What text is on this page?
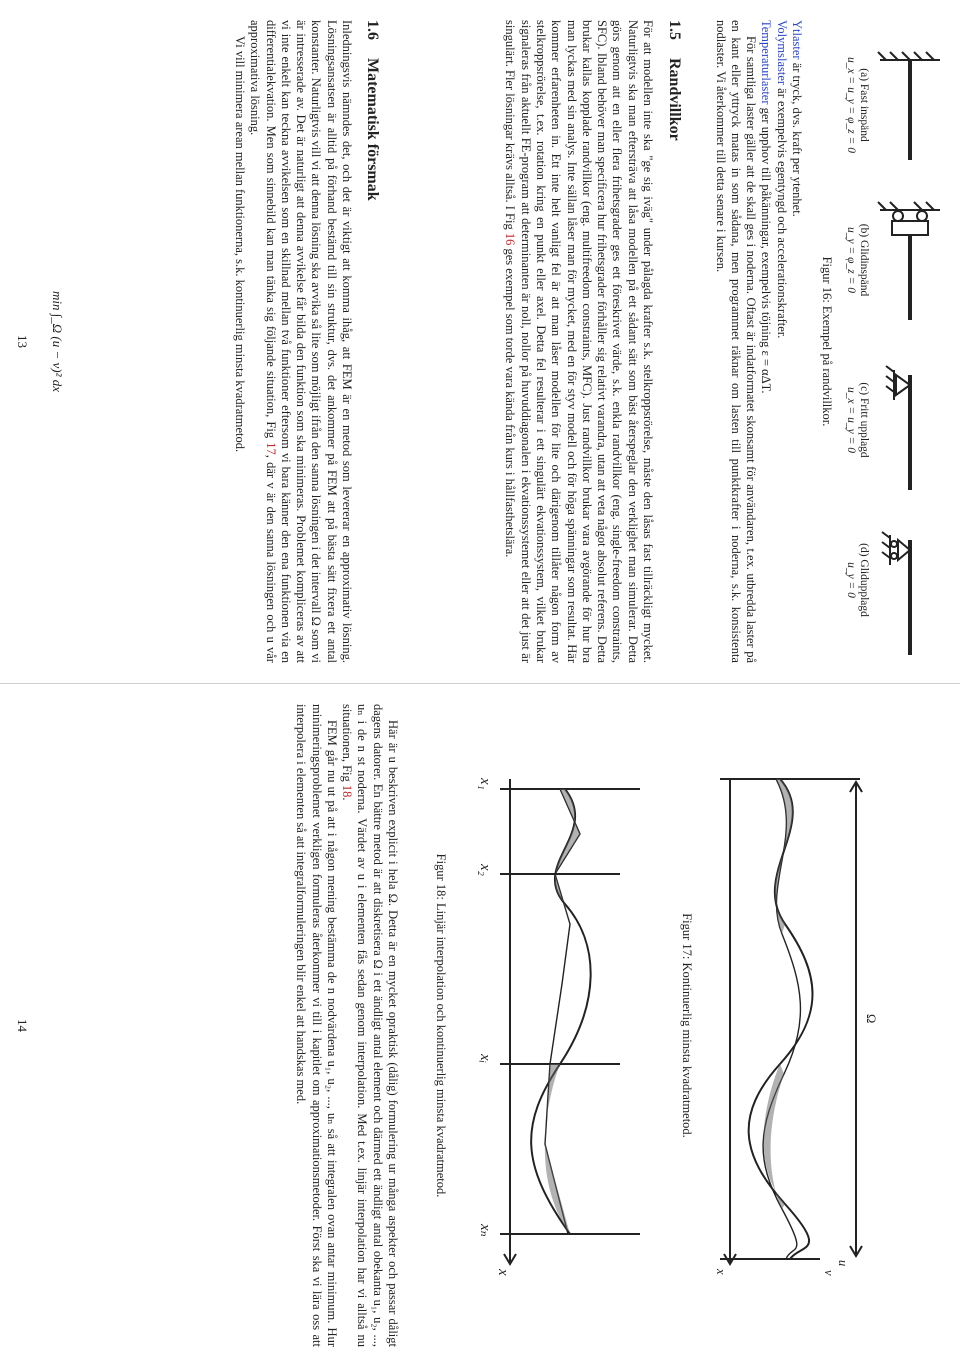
(a) Fast inspänd
u_x = u_y = φ_z = 0
(b) Glidinspänd
u_y = φ_z = 0
(c) Fritt upplagd
u_x = u_y = 0
(d) Glidupplagd
u_y = 0
Figur 16: Exempel på randvillkor.

Ytlaster är tryck, dvs. kraft per ytenhet.

Volymslaster är exempelvis egentyngd och accelerationskrafter.

Temperaturlaster ger upphov till påkänningar, exempelvis töjning ε = αΔT.

För samtliga laster gäller att de skall ges i noderna. Oftast är indatformatet skonsamt för användaren, t.ex. utbredda laster på en kant eller yttryck matas in som sådana, men programmet räknar om lasten till punktkrafter i noderna, s.k. konsistenta nodlaster. Vi återkommer till detta senare i kursen.

1.5Randvillkor

För att modellen inte ska "ge sig iväg" under pålagda krafter s.k. stelkroppsrörelse, måste den låsas fast tillräckligt mycket. Naturligtvis ska man eftersträva att låsa modellen på ett sådant sätt som bäst återspeglar den verklighet man simulerar. Detta görs genom att en eller flera frihetsgrader ges ett föreskrivet värde, s.k. enkla randvillkor (eng. single-freedom constraints, SFC). Ibland behöver man specificera hur frihetsgrader förhåller sig relativt varandra, utan att veta något absolut referens. Detta brukar kallas kopplade randvillkor (eng. multifreedom constraints, MFC). Just randvillkor brukar vara avgörande för hur bra man lyckas med sin analys. Inte sällan låser man för mycket, med en för styv modell och för höga spänningar som resultat. Här kommer erfarenheten in. Ett inte helt vanligt fel är att man låser modellen för lite och därigenom tillåter någon form av stelkroppsrörelse, t.ex. rotation kring en punkt eller axel. Detta fel resulterar i ett singulärt ekvationssystem, vilket brukar signaleras från aktuellt FE-program att determinanten är noll, nollor på huvuddiagonalen i ekvationssystemet eller att det just är singulärt. Fler lösningar krävs alltså. I Fig 16 ges exempel som torde vara kända från kurs i hållfasthetslära.

1.6Matematisk försmak

Inledningsvis nämndes det, och det är viktigt att komma ihåg, att FEM är en metod som levererar en approximativ lösning. Lösningsansatsen är alltid på förhand bestämd till sin struktur, dvs. det ankommer på FEM att på bästa sätt fixera ett antal konstanter. Naturligtvis vill vi att denna lösning ska avvika så lite som möjligt ifrån den sanna lösningen i det intervall Ω som vi är intresserade av. Det är naturligt att denna avvikelse får bilda den funktion som ska minimeras. Problemet kompliceras av att vi inte enkelt kan teckna avvikelsen som en skillnad mellan två funktioner eftersom vi bara känner den ena funktionen via en differentialekvation. Men som sinnebild kan man tänka sig följande situation, Fig 17, där v är den sanna lösningen och u vår approximativa lösning.

Vi vill minimera arean mellan funktionerna, s.k. kontinuerlig minsta kvadratmetod.

min ∫_Ω (u − v)² dx
13
u
v
Ω
x
Figur 17: Kontinuerlig minsta kvadratmetod.
x₁
x₂
xᵢ
xₙ
x
Figur 18: Linjär interpolation och kontinuerlig minsta kvadratmetod.

Här är u beskriven explicit i hela Ω. Detta är en mycket opraktisk (dålig) formulering ur många aspekter och passar dåligt dagens datorer. En bättre metod är att diskretisera Ω i ett ändligt antal element och därmed ett ändligt antal obekanta u₁, u₂, ..., uₙ i de n st noderna. Värdet av u i elementen fås sedan genom interpolation. Med t.ex. linjär interpolation har vi alltså nu situationen, Fig 18.

FEM går nu ut på att i någon mening bestämma de n nodvärdena u₁, u₂, ..., uₙ så att integralen ovan antar minimum. Hur minimeringsproblemet verkligen formuleras återkommer vi till i kapitlet om approximationsmetoder. Först ska vi lära oss att interpolera i elementen så att integralformuleringen blir enkel att handskas med.

14
